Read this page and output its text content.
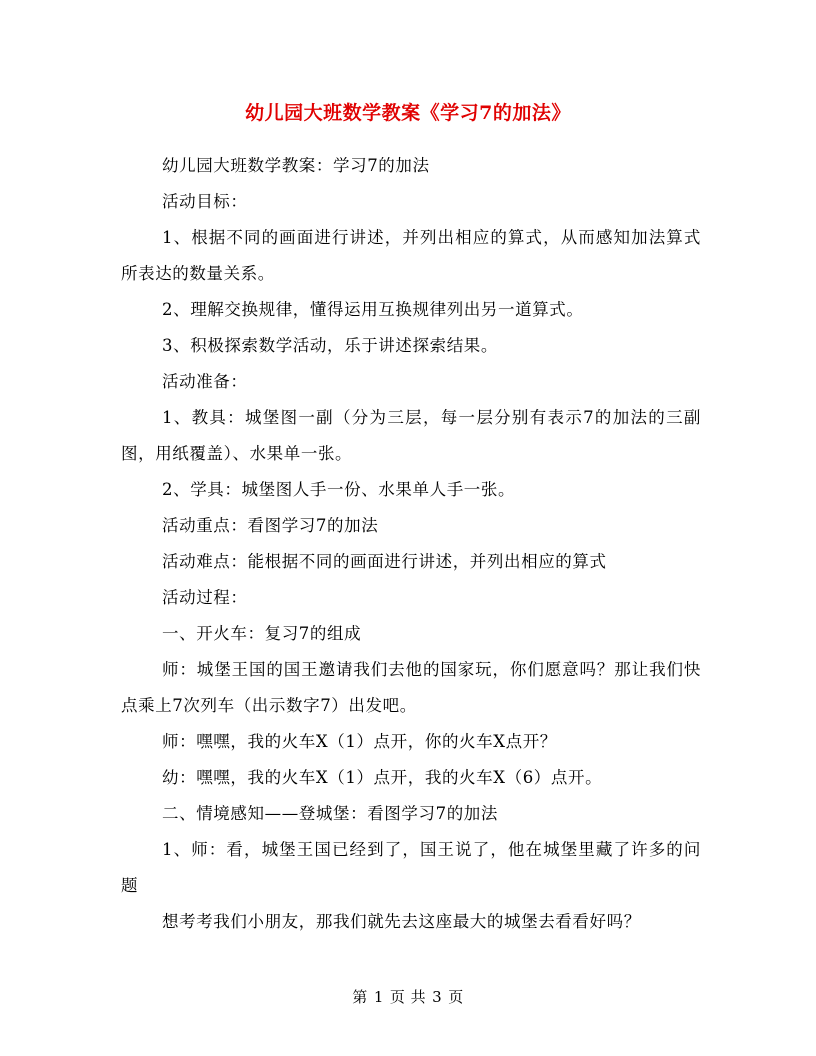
幼儿园大班数学教案《学习7的加法》

幼儿园大班数学教案：学习7的加法

活动目标：

1、根据不同的画面进行讲述，并列出相应的算式，从而感知加法算式所表达的数量关系。

2、理解交换规律，懂得运用互换规律列出另一道算式。

3、积极探索数学活动，乐于讲述探索结果。

活动准备：

1、教具：城堡图一副（分为三层，每一层分别有表示7的加法的三副图，用纸覆盖）、水果单一张。

2、学具：城堡图人手一份、水果单人手一张。

活动重点：看图学习7的加法

活动难点：能根据不同的画面进行讲述，并列出相应的算式

活动过程：

一、开火车：复习7的组成

师：城堡王国的国王邀请我们去他的国家玩，你们愿意吗？那让我们快点乘上7次列车（出示数字7）出发吧。

师：嘿嘿，我的火车X（1）点开，你的火车X点开？

幼：嘿嘿，我的火车X（1）点开，我的火车X（6）点开。

二、情境感知——登城堡：看图学习7的加法

1、师：看，城堡王国已经到了，国王说了，他在城堡里藏了许多的问题

想考考我们小朋友，那我们就先去这座最大的城堡去看看好吗？

第 1 页 共 3 页
